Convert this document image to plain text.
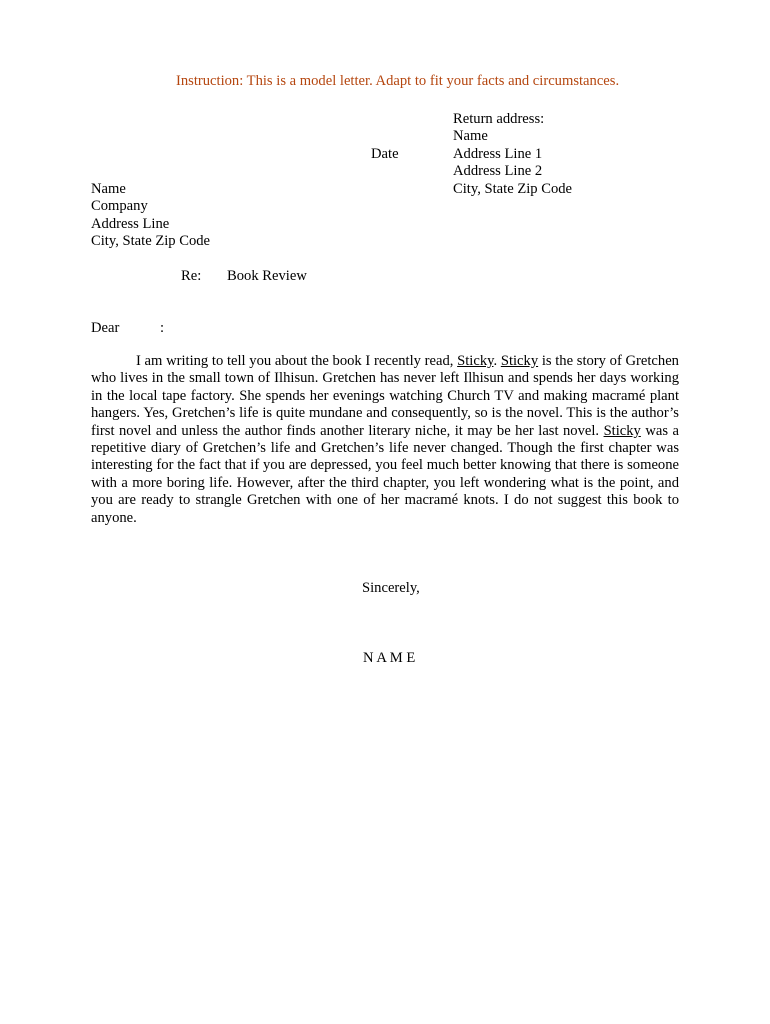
Instruction: This is a model letter. Adapt to fit your facts and circumstances.
Return address:
Name
Address Line 1
Address Line 2
City, State Zip Code
Date
Name
Company
Address Line
City, State Zip Code
Re: Book Review
Dear	:

I am writing to tell you about the book I recently read, Sticky. Sticky is the story of Gretchen who lives in the small town of Ilhisun. Gretchen has never left Ilhisun and spends her days working in the local tape factory. She spends her evenings watching Church TV and making macramé plant hangers. Yes, Gretchen’s life is quite mundane and consequently, so is the novel. This is the author’s first novel and unless the author finds another literary niche, it may be her last novel. Sticky was a repetitive diary of Gretchen’s life and Gretchen’s life never changed. Though the first chapter was interesting for the fact that if you are depressed, you feel much better knowing that there is someone with a more boring life. However, after the third chapter, you left wondering what is the point, and you are ready to strangle Gretchen with one of her macramé knots. I do not suggest this book to anyone.

Sincerely,
N A M E
